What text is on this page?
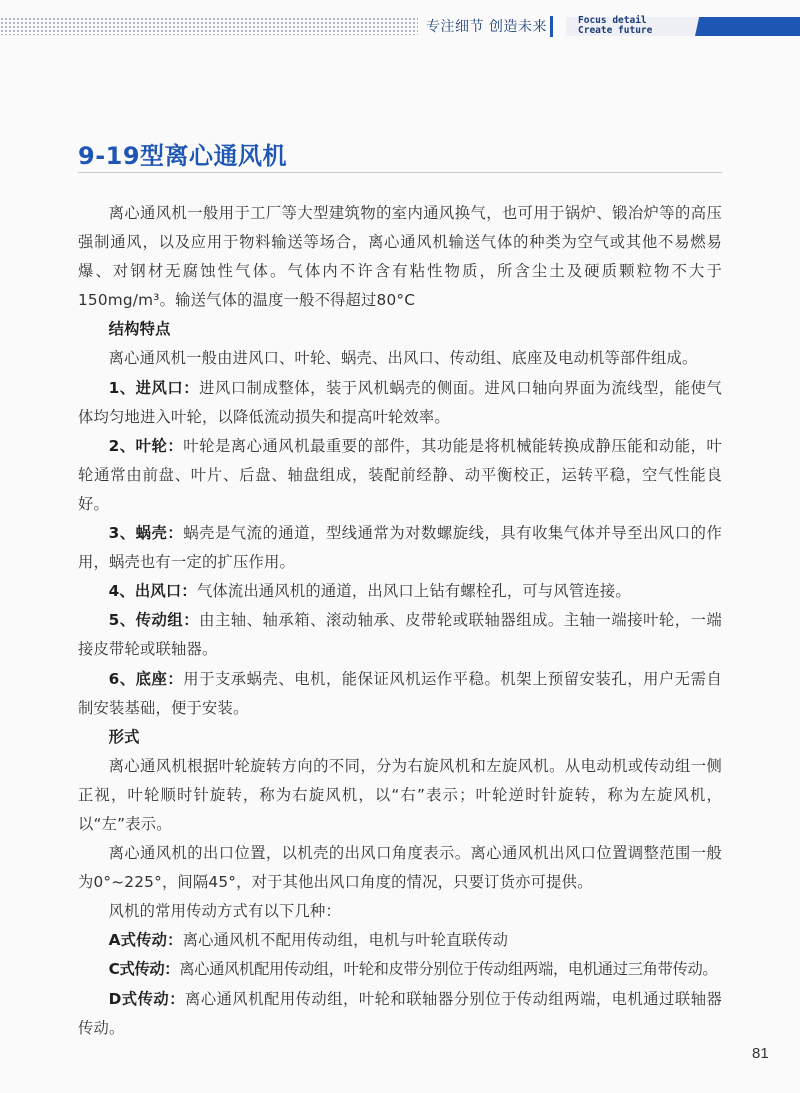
专注细节 创造未来	Focus detail
Create future
9-19型离心通风机

离心通风机一般用于工厂等大型建筑物的室内通风换气，也可用于锅炉、锻冶炉等的高压强制通风，以及应用于物料输送等场合，离心通风机输送气体的种类为空气或其他不易燃易爆、对钢材无腐蚀性气体。气体内不许含有粘性物质，所含尘土及硬质颗粒物不大于150mg/m³。输送气体的温度一般不得超过80°C

结构特点

离心通风机一般由进风口、叶轮、蜗壳、出风口、传动组、底座及电动机等部件组成。

1、进风口：进风口制成整体，装于风机蜗壳的侧面。进风口轴向界面为流线型，能使气体均匀地进入叶轮，以降低流动损失和提高叶轮效率。

2、叶轮：叶轮是离心通风机最重要的部件，其功能是将机械能转换成静压能和动能，叶轮通常由前盘、叶片、后盘、轴盘组成，装配前经静、动平衡校正，运转平稳，空气性能良好。

3、蜗壳：蜗壳是气流的通道，型线通常为对数螺旋线，具有收集气体并导至出风口的作用，蜗壳也有一定的扩压作用。

4、出风口：气体流出通风机的通道，出风口上钻有螺栓孔，可与风管连接。

5、传动组：由主轴、轴承箱、滚动轴承、皮带轮或联轴器组成。主轴一端接叶轮，一端接皮带轮或联轴器。

6、底座：用于支承蜗壳、电机，能保证风机运作平稳。机架上预留安装孔，用户无需自制安装基础，便于安装。

形式

离心通风机根据叶轮旋转方向的不同，分为右旋风机和左旋风机。从电动机或传动组一侧正视，叶轮顺时针旋转，称为右旋风机，以“右”表示；叶轮逆时针旋转，称为左旋风机，以“左”表示。

离心通风机的出口位置，以机壳的出风口角度表示。离心通风机出风口位置调整范围一般为0°~225°，间隔45°，对于其他出风口角度的情况，只要订货亦可提供。

风机的常用传动方式有以下几种：

A式传动：离心通风机不配用传动组，电机与叶轮直联传动

C式传动：离心通风机配用传动组，叶轮和皮带分别位于传动组两端，电机通过三角带传动。

D式传动：离心通风机配用传动组，叶轮和联轴器分别位于传动组两端，电机通过联轴器传动。

81
